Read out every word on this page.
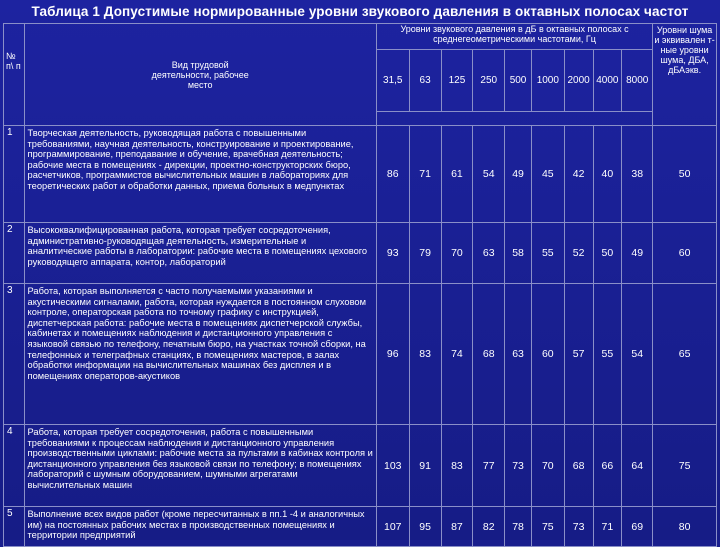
Таблица 1 Допустимые нормированные уровни звукового давления в октавных полосах частот
№ п\ п	Вид трудовой деятельности, рабочее место	Уровни звукового давления в дБ в октавных полосах с среднегеометрическими частотами, Гц									Уровни шума и эквивален т-ные уровни шума, ДБА, дБАэкв.
		31,5	63	125	250	500	1000	2000	4000	8000	

1	Творческая деятельность, руководящая работа с повышенными требованиями, научная деятельность, конструирование и проектирование, программирование, преподавание и обучение, врачебная деятельность; рабочие места в помещениях - дирекции, проектно-конструкторских бюро, расчетчиков, программистов вычислительных машин в лабораториях для теоретических работ и обработки данных, приема больных в медпунктах	86	71	61	54	49	45	42	40	38	50
2	Высококвалифицированная работа, которая требует сосредоточения, административно-руководящая деятельность, измерительные и аналитические работы в лаборатории: рабочие места в помещениях цехового руководящего аппарата, контор, лабораторий	93	79	70	63	58	55	52	50	49	60
3	Работа, которая выполняется с часто получаемыми указаниями и акустическими сигналами, работа, которая нуждается в постоянном слуховом контроле, операторская работа по точному графику с инструкцией, диспетчерская работа: рабочие места в помещениях диспетчерской службы, кабинетах и помещениях наблюдения и дистанционного управления с языковой связью по телефону, печатным бюро, на участках точной сборки, на телефонных и телеграфных станциях, в помещениях мастеров, в залах обработки информации на вычислительных машинах без дисплея и в помещениях операторов-акустиков	96	83	74	68	63	60	57	55	54	65
4	Работа, которая требует сосредоточения, работа с повышенными требованиями к процессам наблюдения и дистанционного управления производственными циклами: рабочие места за пультами в кабинах контроля и дистанционного управления без языковой связи по телефону; в помещениях лабораторий с шумным оборудованием, шумными агрегатами вычислительных машин	103	91	83	77	73	70	68	66	64	75
5	Выполнение всех видов работ (кроме пересчитанных в пп.1 -4 и аналогичных им) на постоянных рабочих местах в производственных помещениях и территории предприятий	107	95	87	82	78	75	73	71	69	80
